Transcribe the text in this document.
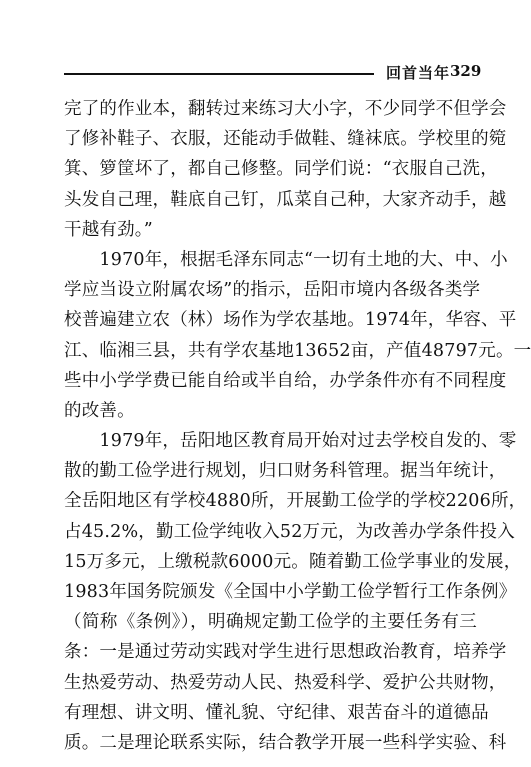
回首当年 329
完了的作业本，翻转过来练习大小字，不少同学不但学会
了修补鞋子、衣服，还能动手做鞋、缝袜底。学校里的箢
箕、箩筐坏了，都自己修整。同学们说：“衣服自己洗，
头发自己理，鞋底自己钉，瓜菜自己种，大家齐动手，越
干越有劲。”
　　1970年，根据毛泽东同志“一切有土地的大、中、小
学应当设立附属农场”的指示，岳阳市境内各级各类学
校普遍建立农（林）场作为学农基地。1974年，华容、平
江、临湘三县，共有学农基地13652亩，产值48797元。一
些中小学学费已能自给或半自给，办学条件亦有不同程度
的改善。
　　1979年，岳阳地区教育局开始对过去学校自发的、零
散的勤工俭学进行规划，归口财务科管理。据当年统计，
全岳阳地区有学校4880所，开展勤工俭学的学校2206所，
占45.2%，勤工俭学纯收入52万元，为改善办学条件投入
15万多元，上缴税款6000元。随着勤工俭学事业的发展，
1983年国务院颁发《全国中小学勤工俭学暂行工作条例》
（简称《条例》），明确规定勤工俭学的主要任务有三
条：一是通过劳动实践对学生进行思想政治教育，培养学
生热爱劳动、热爱劳动人民、热爱科学、爱护公共财物，
有理想、讲文明、懂礼貌、守纪律、艰苦奋斗的道德品
质。二是理论联系实际，结合教学开展一些科学实验、科
